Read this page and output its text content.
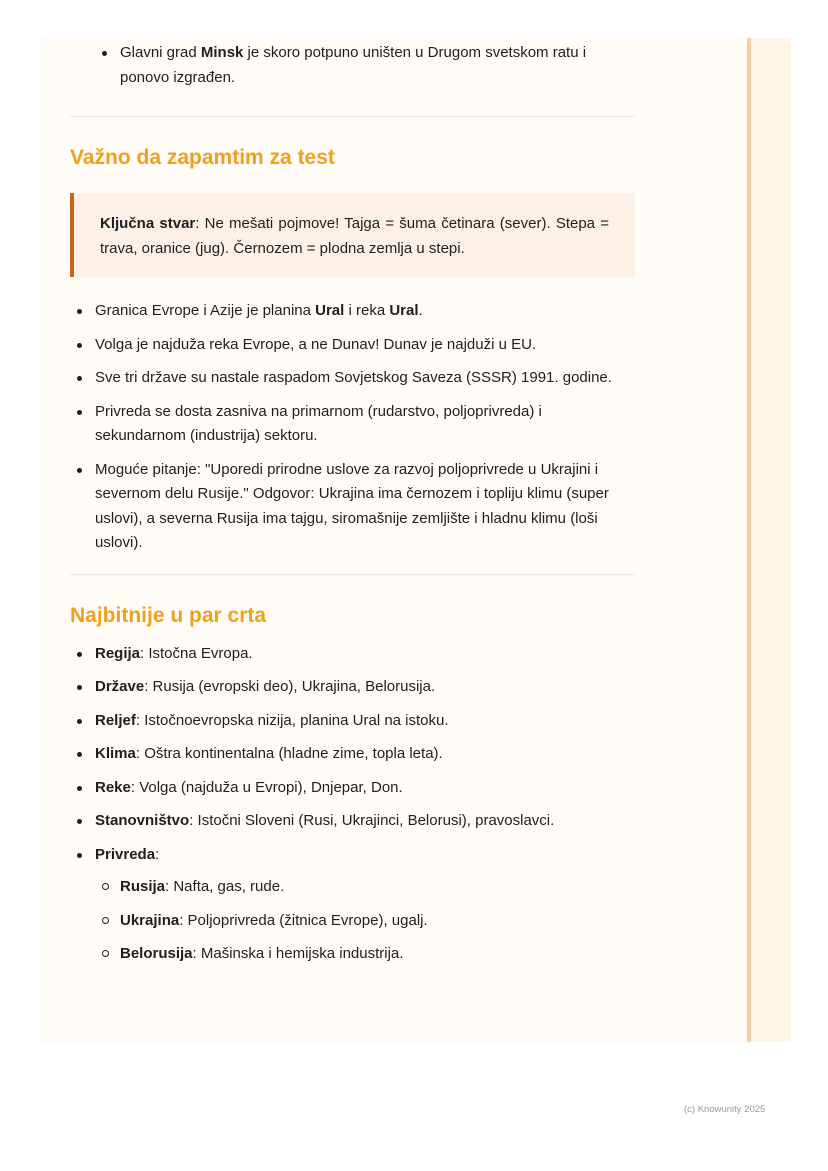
Glavni grad Minsk je skoro potpuno uništen u Drugom svetskom ratu i ponovo izgrađen.
Važno da zapamtim za test
Ključna stvar: Ne mešati pojmove! Tajga = šuma četinara (sever). Stepa = trava, oranice (jug). Černozem = plodna zemlja u stepi.
Granica Evrope i Azije je planina Ural i reka Ural.
Volga je najduža reka Evrope, a ne Dunav! Dunav je najduži u EU.
Sve tri države su nastale raspadom Sovjetskog Saveza (SSSR) 1991. godine.
Privreda se dosta zasniva na primarnom (rudarstvo, poljoprivreda) i sekundarnom (industrija) sektoru.
Moguće pitanje: "Uporedi prirodne uslove za razvoj poljoprivrede u Ukrajini i severnom delu Rusije." Odgovor: Ukrajina ima černozem i topliju klimu (super uslovi), a severna Rusija ima tajgu, siromašnije zemljište i hladnu klimu (loši uslovi).
Najbitnije u par crta
Regija: Istočna Evropa.
Države: Rusija (evropski deo), Ukrajina, Belorusija.
Reljef: Istočnoevropska nizija, planina Ural na istoku.
Klima: Oštra kontinentalna (hladne zime, topla leta).
Reke: Volga (najduža u Evropi), Dnjepar, Don.
Stanovništvo: Istočni Sloveni (Rusi, Ukrajinci, Belorusi), pravoslavci.
Privreda:
Rusija: Nafta, gas, rude.
Ukrajina: Poljoprivreda (žitnica Evrope), ugalj.
Belorusija: Mašinska i hemijska industrija.
(c) Knowunity 2025
